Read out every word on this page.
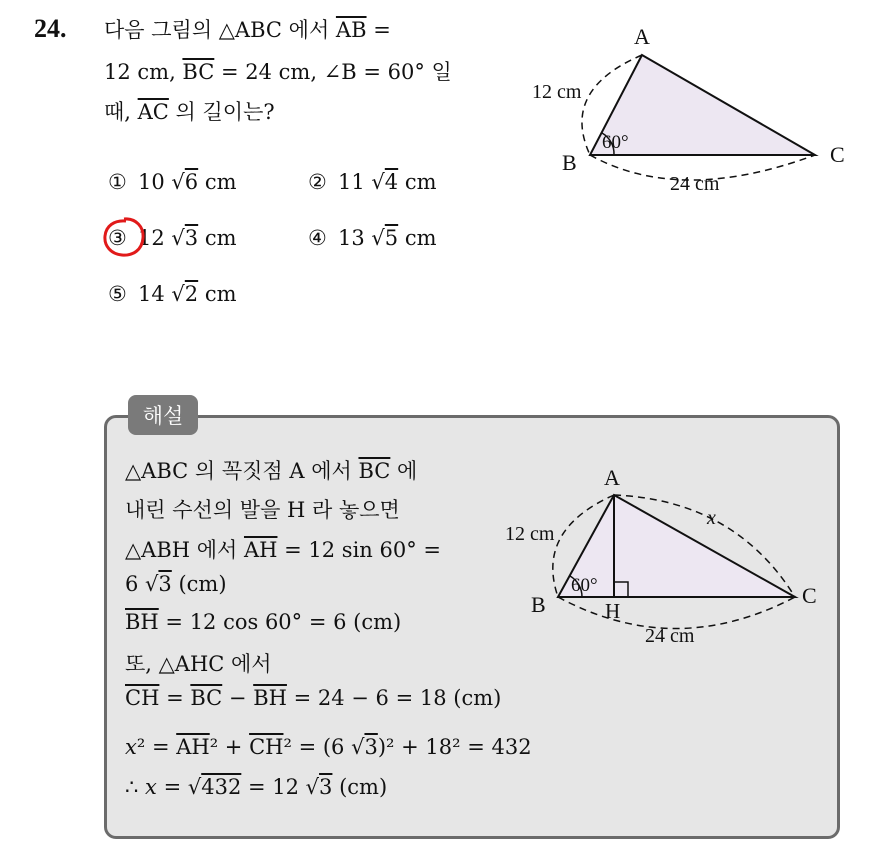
24. 다음 그림의 △ABC 에서 $\overline{AB}$ =
12 cm, $\overline{BC} = 24$ cm, ∠B = 60° 일
때, $\overline{AC}$ 의 길이는?
① 10 √6 cm	② 11 √4 cm
③ 12 √3 cm	④ 13 √5 cm
⑤ 14 √2 cm
A
B	C
12 cm
24 cm
60°
해설
△ABC 의 꼭짓점 A 에서 $\overline{BC}$ 에
내린 수선의 발을 H 라 놓으면
△ABH 에서 $\overline{AH} = 12$ sin 60° =
6 √3 (cm)
$\overline{BH} = 12$ cos 60° = 6 (cm)
또, △AHC 에서
$\overline{CH} = \overline{BC} - \overline{BH} = 24 - 6 = 18$ (cm)
$x^2 = \overline{AH}^2 + \overline{CH}^2 = (6$ √3)² + 18² = 432
∴ x = √432 = 12 √3 (cm)
A
B	C
H
12 cm
24 cm
x
60°
